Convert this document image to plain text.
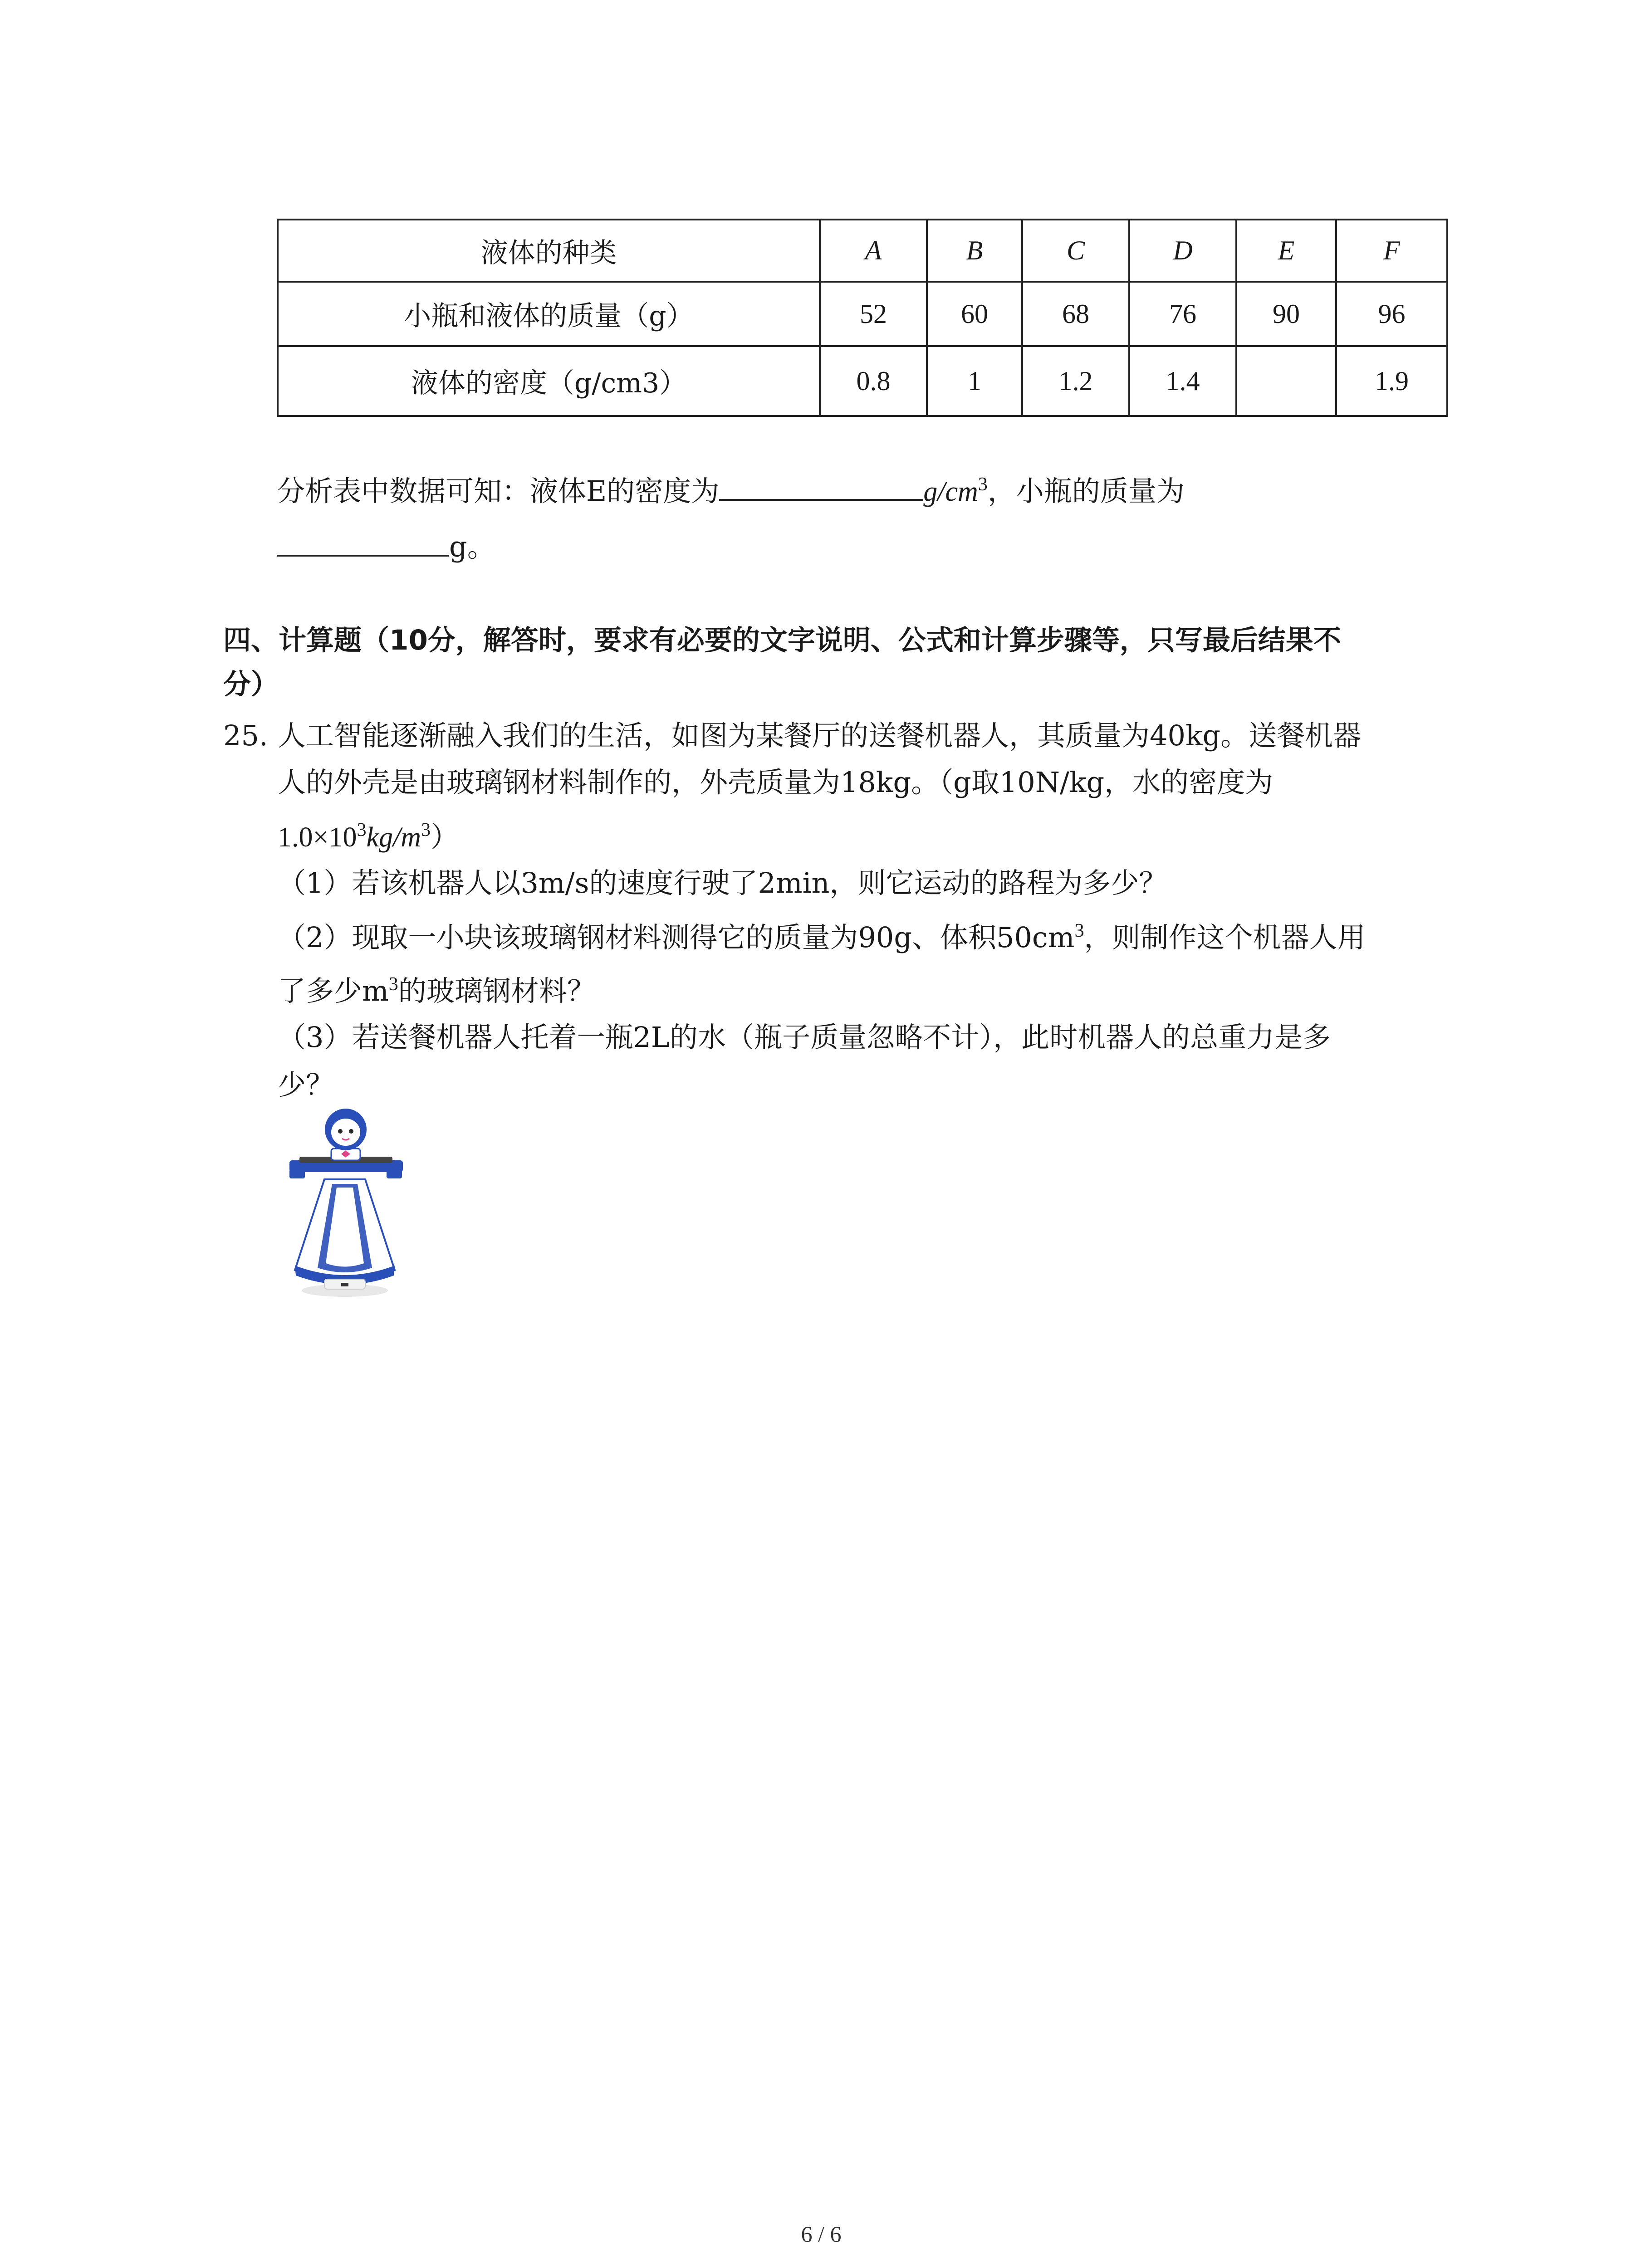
液体的种类	A	B	C	D	E	F
小瓶和液体的质量（g）	52	60	68	76	90	96
液体的密度（g/cm3）	0.8	1	1.2	1.4		1.9
分析表中数据可知：液体E的密度为	$g/cm^3$，小瓶的质量为
g。
四、计算题（10分，解答时，要求有必要的文字说明、公式和计算步骤等，只写最后结果不
分）
25. 人工智能逐渐融入我们的生活，如图为某餐厅的送餐机器人，其质量为40kg。送餐机器
人的外壳是由玻璃钢材料制作的，外壳质量为18kg。（g取10N/kg，水的密度为
$1.0\times 10^3kg/m^3$）
（1）若该机器人以3m/s的速度行驶了2min，则它运动的路程为多少？
（2）现取一小块该玻璃钢材料测得它的质量为90g、体积$50cm^3$，则制作这个机器人用
了多少$m^3$的玻璃钢材料？
（3）若送餐机器人托着一瓶2L的水（瓶子质量忽略不计），此时机器人的总重力是多
少？
6 / 6
